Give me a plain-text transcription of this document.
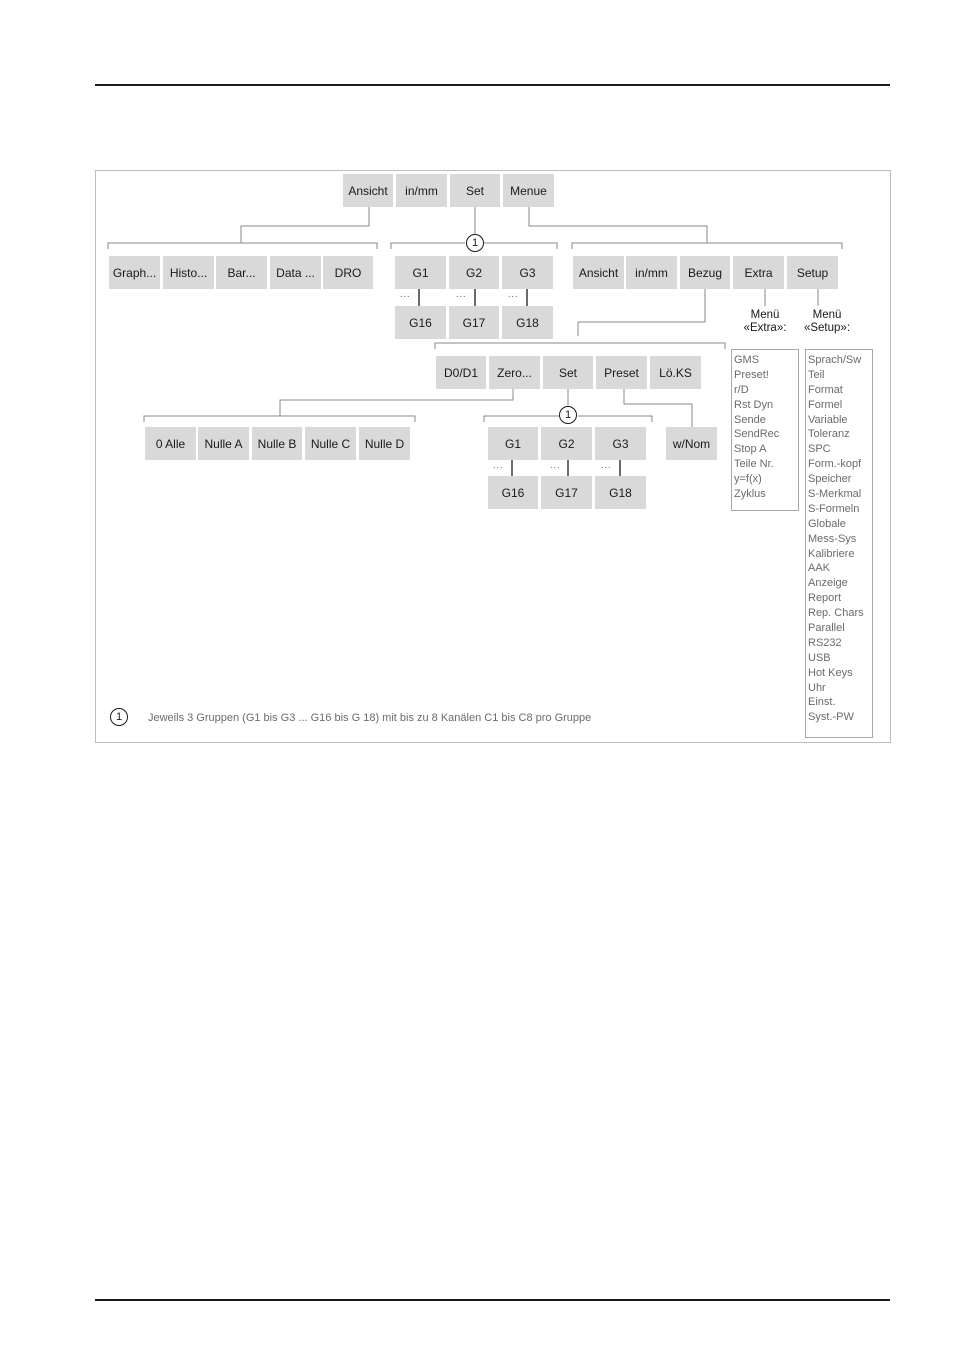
Ansicht	in/mm	Set	Menue
Graph...	Histo...	Bar...	Data ...	DRO
1
G1	G2	G3
...	...	...
G16	G17	G18
Ansicht	in/mm	Bezug	Extra	Setup
Menü
«Extra»:
Menü
«Setup»:
GMS
Preset!
r/D
Rst Dyn
Sende
SendRec
Stop A
Teile Nr.
y=f(x)
Zyklus
Sprach/Sw
Teil
Format
Formel
Variable
Toleranz
SPC
Form.-kopf
Speicher
S-Merkmal
S-Formeln
Globale
Mess-Sys
Kalibriere
AAK
Anzeige
Report
Rep. Chars
Parallel
RS232
USB
Hot Keys
Uhr
Einst.
Syst.-PW
D0/D1	Zero...	Set	Preset	Lö.KS
0 Alle	Nulle A	Nulle B	Nulle C	Nulle D
1
G1	G2	G3
...	...	...
G16	G17	G18
w/Nom
1	Jeweils 3 Gruppen (G1 bis G3 ... G16 bis G 18) mit bis zu 8 Kanälen C1 bis C8 pro Gruppe
